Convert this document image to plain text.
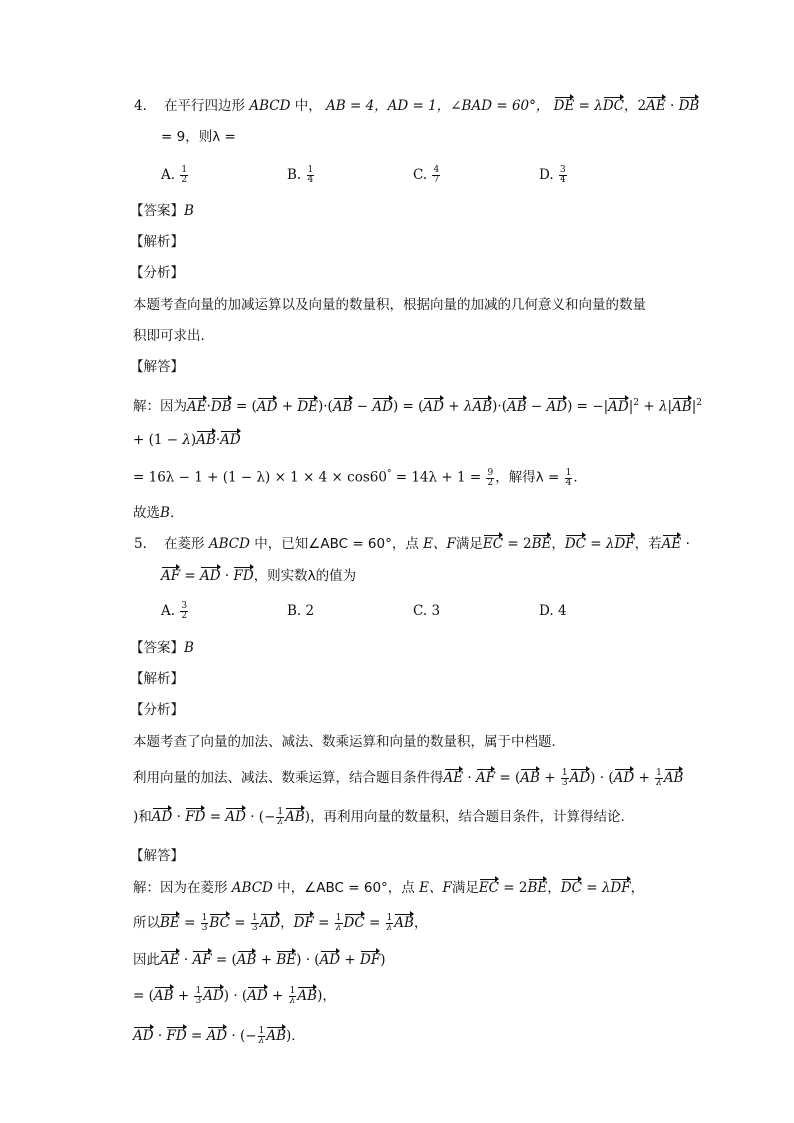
4. 在平行四边形 ABCD 中， AB = 4，AD = 1，∠BAD = 60°， DE = λDC，2AE · DB
= 9，则λ =
A. $\frac{1}{2}$	B. $\frac{1}{4}$	C. $\frac{4}{7}$	D. $\frac{3}{4}$
【答案】B
【解析】
【分析】
本题考查向量的加减运算以及向量的数量积，根据向量的加减的几何意义和向量的数量
积即可求出．
【解答】
解：因为$AE\cdot DB = (AD + DE)\cdot(AB - AD) = (AD + \lambda AB)\cdot(AB - AD) = -|AD|^2 + \lambda|AB|^2$
+ (1 − λ)AB·AD
= $16\lambda - 1 + (1 - \lambda) \times 1 \times 4 \times \cos 60^\circ = 14\lambda + 1 = \frac{9}{2}$ ，解得$\lambda = \frac{1}{4}$ ．
故选B．
5. 在菱形 ABCD 中，已知∠ABC = 60°，点 E、F满足EC = 2BE，DC = λDF，若AE ·
AF = AD · FD，则实数λ的值为
A. $\frac{3}{2}$	B. 2	C. 3	D. 4
【答案】B
【解析】
【分析】
本题考查了向量的加法、减法、数乘运算和向量的数量积，属于中档题．
利用向量的加法、减法、数乘运算，结合题目条件得AE · AF = $(AB + \frac{1}{3} AD) \cdot (AD + \frac{1}{\lambda}$ AB
)和AD · FD = AD · (− $\frac{1}{\lambda} AB$)，再利用向量的数量积，结合题目条件，计算得结论．
【解答】
解：因为在菱形 ABCD 中，∠ABC = 60°，点 E、F满足EC = 2BE，DC = λDF，
所以BE = $\frac{1}{3}$ BC = $\frac{1}{3}$ AD，DF = $\frac{1}{\lambda}$ DC = $\frac{1}{\lambda}$ AB，
因此AE · AF = (AB + BE) · (AD + DF)
= $(AB + \frac{1}{3} AD) \cdot (AD + \frac{1}{\lambda} AB)$，
AD · FD = AD · (− $\frac{1}{\lambda} AB$)．
